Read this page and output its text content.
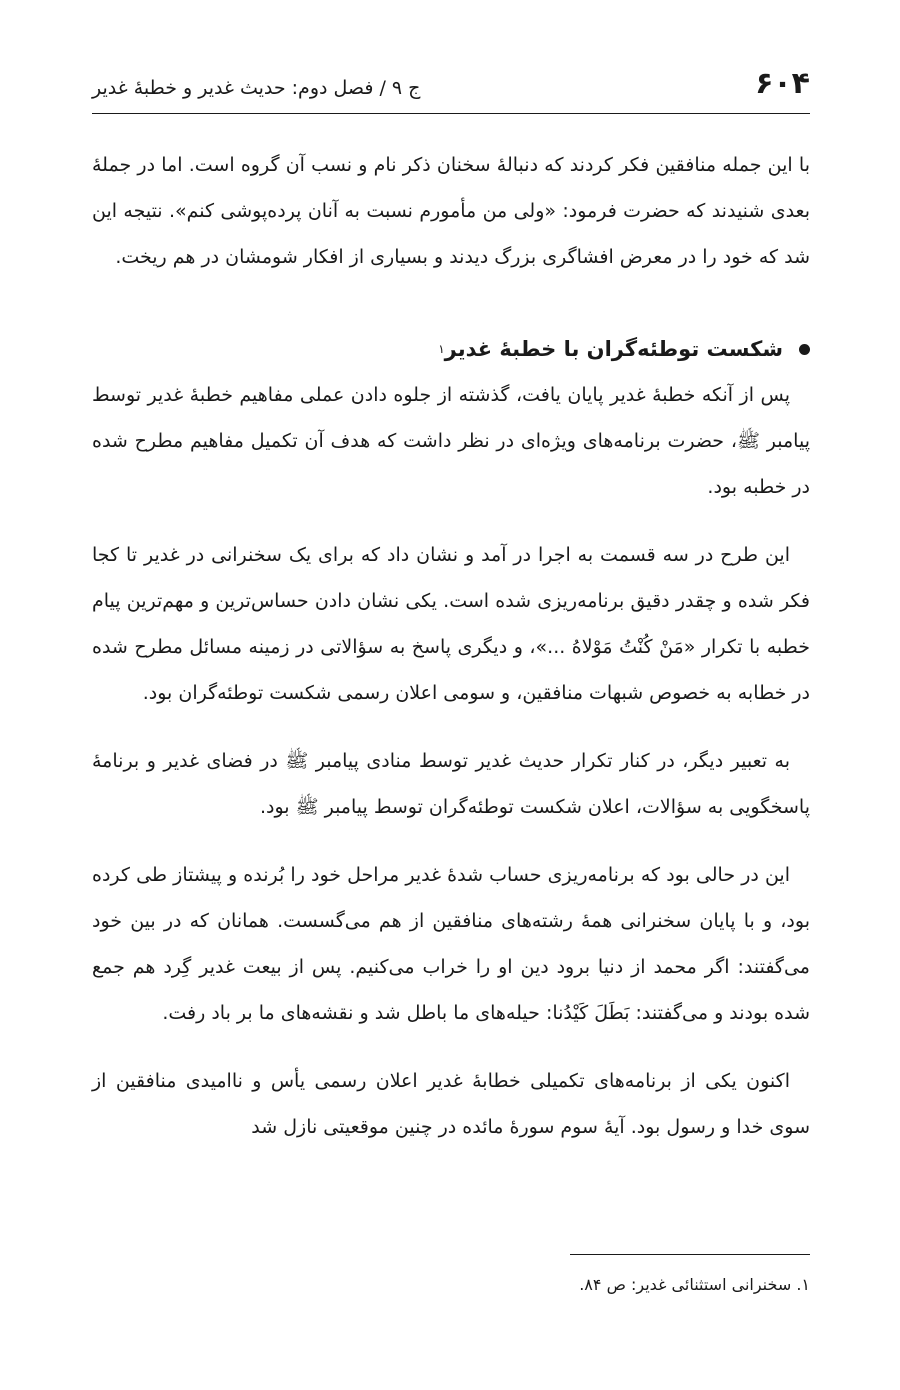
۶۰۴
ج ۹ / فصل دوم: حدیث غدیر و خطبهٔ غدیر

با این جمله منافقین فکر کردند که دنبالهٔ سخنان ذکر نام و نسب آن گروه است. اما در جملهٔ بعدی شنیدند که حضرت فرمود: «ولی من مأمورم نسبت به آنان پرده‌پوشی کنم». نتیجه این شد که خود را در معرض افشاگری بزرگ دیدند و بسیاری از افکار شومشان در هم ریخت.

شکست توطئه‌گران با خطبهٔ غدیر
۱

پس از آنکه خطبهٔ غدیر پایان یافت، گذشته از جلوه دادن عملی مفاهیم خطبهٔ غدیر توسط پیامبر ﷺ، حضرت برنامه‌های ویژه‌ای در نظر داشت که هدف آن تکمیل مفاهیم مطرح شده در خطبه بود.

این طرح در سه قسمت به اجرا در آمد و نشان داد که برای یک سخنرانی در غدیر تا کجا فکر شده و چقدر دقیق برنامه‌ریزی شده است. یکی نشان دادن حساس‌ترین و مهم‌ترین پیام خطبه با تکرار «مَنْ كُنْتُ مَوْلاهُ ...»، و دیگری پاسخ به سؤالاتی در زمینه مسائل مطرح شده در خطابه به خصوص شبهات منافقین، و سومی اعلان رسمی شکست توطئه‌گران بود.

به تعبیر دیگر، در کنار تکرار حدیث غدیر توسط منادی پیامبر ﷺ در فضای غدیر و برنامهٔ پاسخگویی به سؤالات، اعلان شکست توطئه‌گران توسط پیامبر ﷺ بود.

این در حالی بود که برنامه‌ریزی حساب شدهٔ غدیر مراحل خود را بُرنده و پیشتاز طی کرده بود، و با پایان سخنرانی همهٔ رشته‌های منافقین از هم می‌گسست. همانان که در بین خود می‌گفتند: اگر محمد از دنیا برود دین او را خراب می‌کنیم. پس از بیعت غدیر گِرد هم جمع شده بودند و می‌گفتند: بَطَلَ كَيْدُنا: حیله‌های ما باطل شد و نقشه‌های ما بر باد رفت.

اکنون یکی از برنامه‌های تکمیلی خطابهٔ غدیر اعلان رسمی یأس و ناامیدی منافقین از سوی خدا و رسول بود. آیهٔ سوم سورهٔ مائده در چنین موقعیتی نازل شد

۱. سخنرانی استثنائی غدیر: ص ۸۴.
